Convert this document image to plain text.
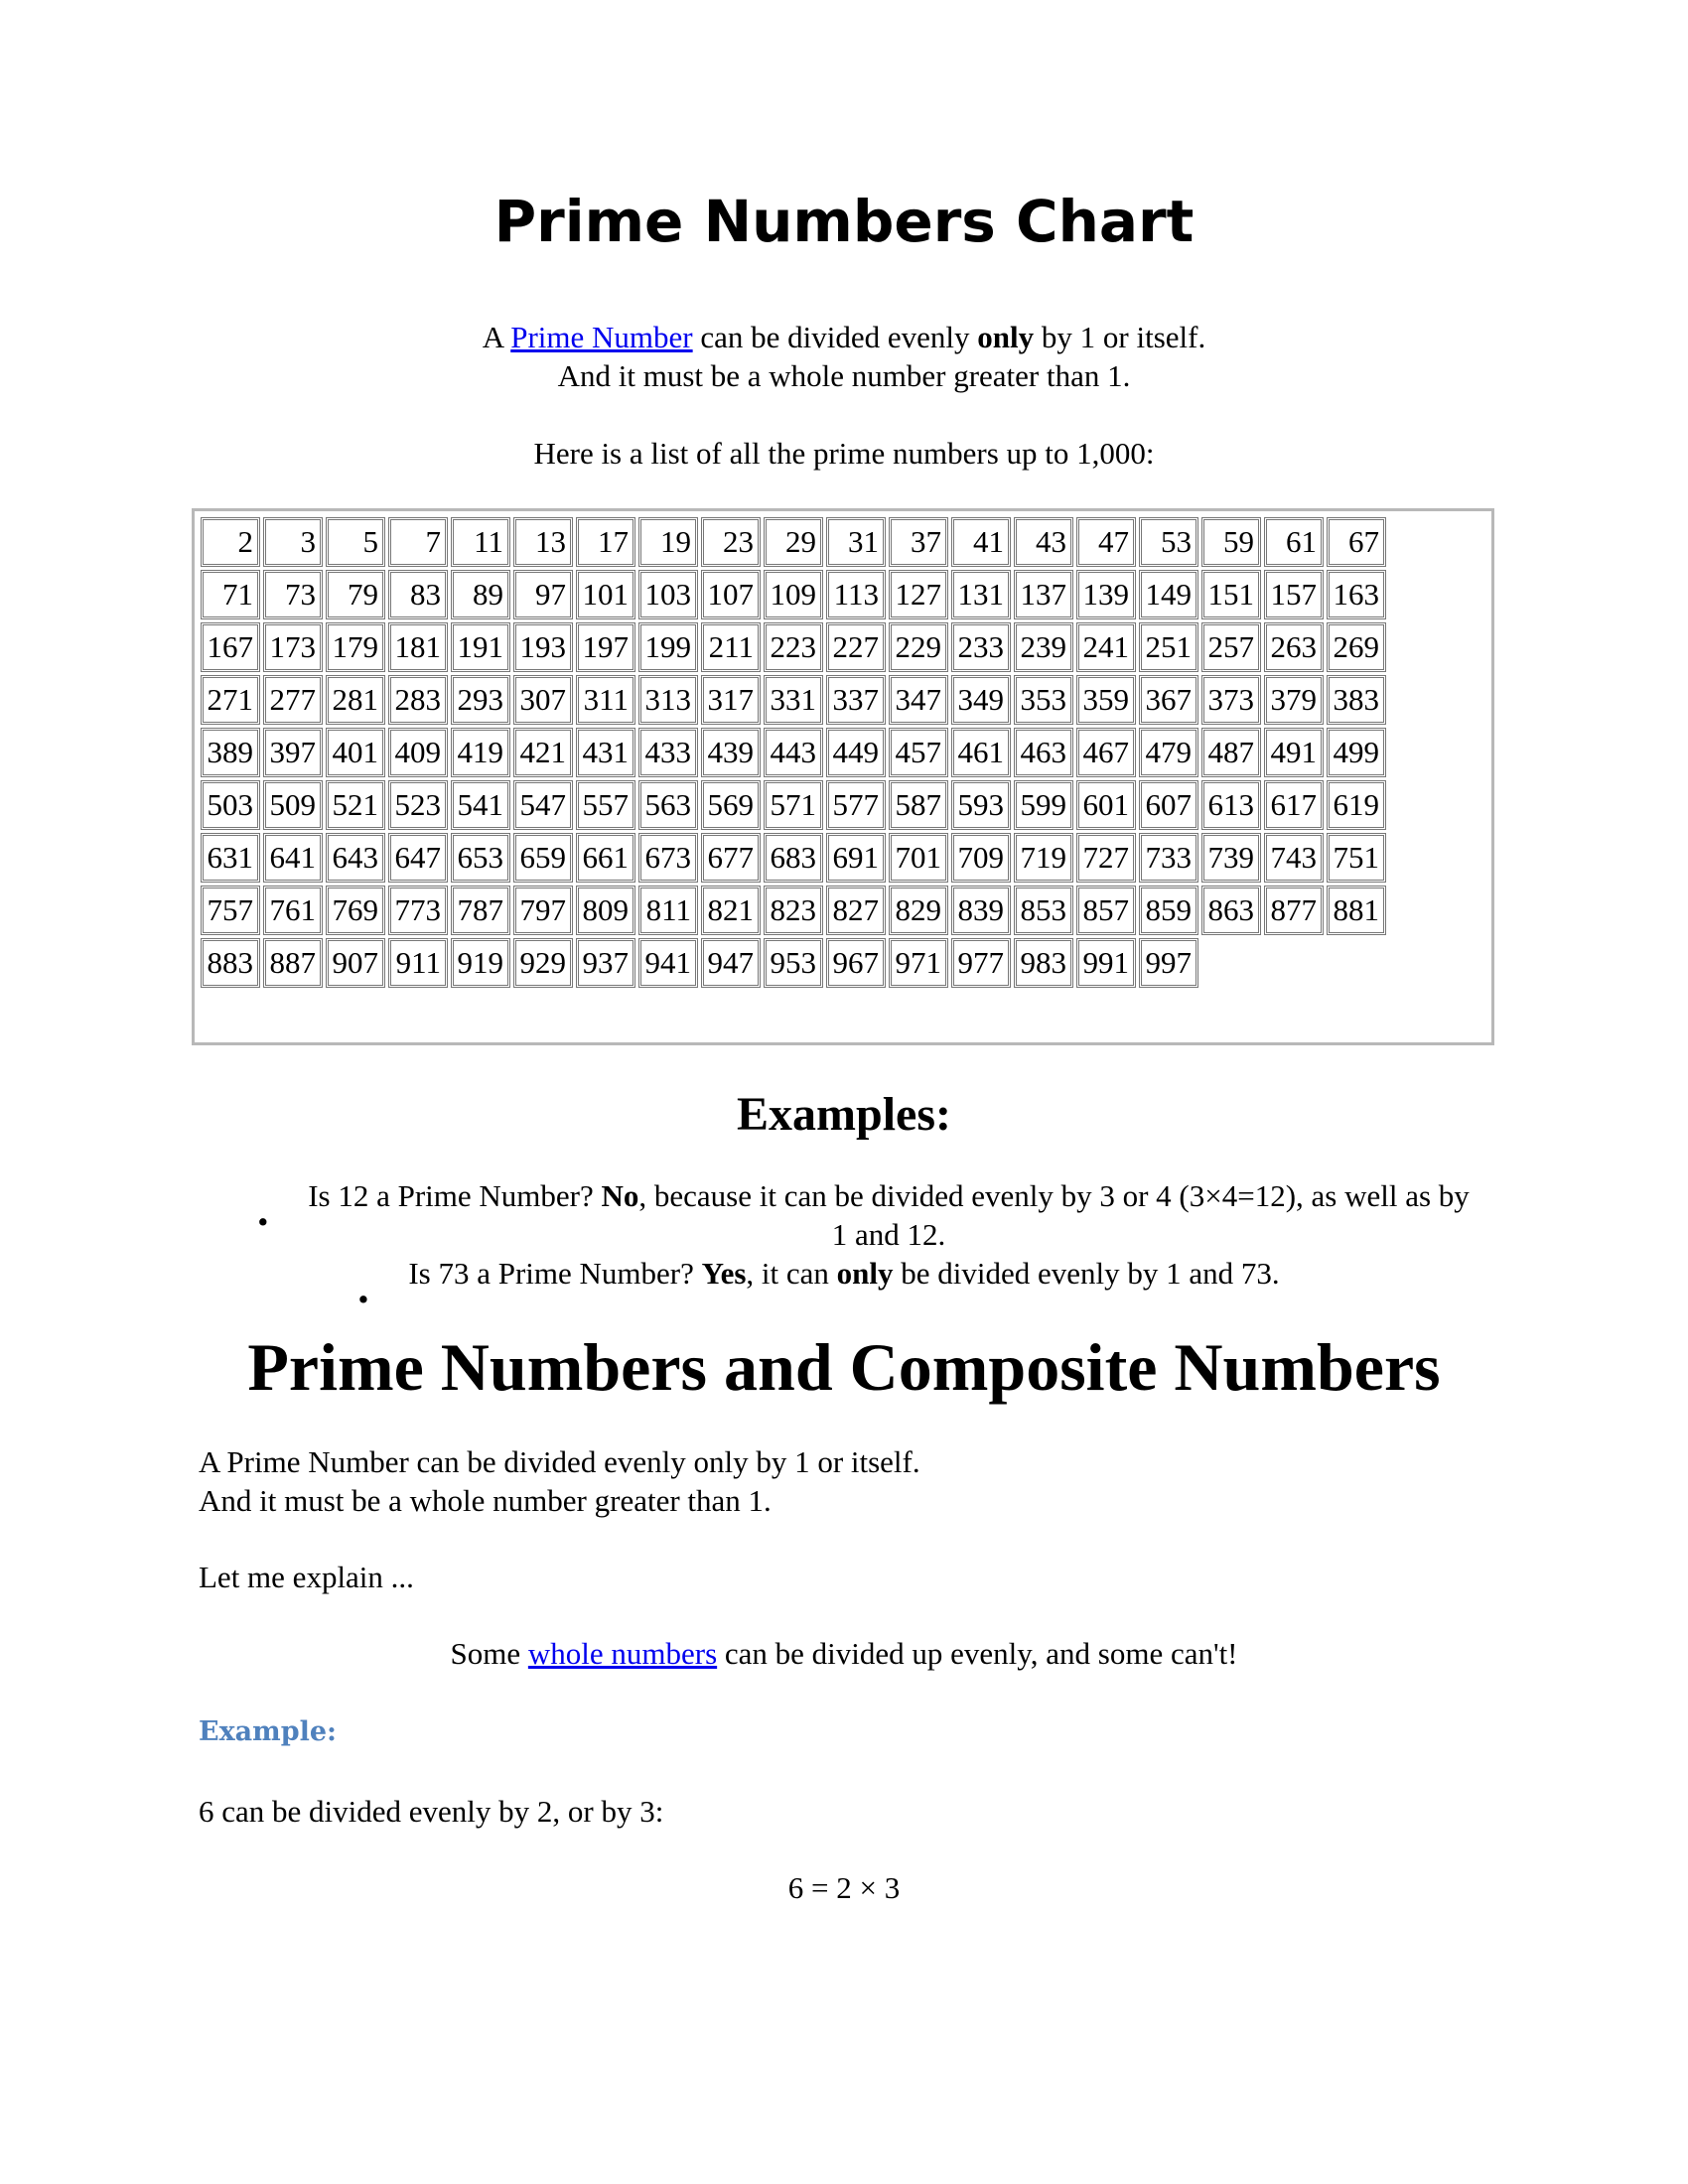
Prime Numbers Chart

A Prime Number can be divided evenly only by 1 or itself.
And it must be a whole number greater than 1.

Here is a list of all the prime numbers up to 1,000:

2	3	5	7	11	13	17	19	23	29	31	37	41	43	47	53	59	61	67
71	73	79	83	89	97	101	103	107	109	113	127	131	137	139	149	151	157	163
167	173	179	181	191	193	197	199	211	223	227	229	233	239	241	251	257	263	269
271	277	281	283	293	307	311	313	317	331	337	347	349	353	359	367	373	379	383
389	397	401	409	419	421	431	433	439	443	449	457	461	463	467	479	487	491	499
503	509	521	523	541	547	557	563	569	571	577	587	593	599	601	607	613	617	619
631	641	643	647	653	659	661	673	677	683	691	701	709	719	727	733	739	743	751
757	761	769	773	787	797	809	811	821	823	827	829	839	853	857	859	863	877	881
883	887	907	911	919	929	937	941	947	953	967	971	977	983	991	997			
Examples:
•
Is 12 a Prime Number? No, because it can be divided evenly by 3 or 4 (3×4=12), as well as by 1 and 12.
•
Is 73 a Prime Number? Yes, it can only be divided evenly by 1 and 73.
Prime Numbers and Composite Numbers

A Prime Number can be divided evenly only by 1 or itself.
And it must be a whole number greater than 1.

Let me explain ...

Some whole numbers can be divided up evenly, and some can't!

Example:

6 can be divided evenly by 2, or by 3:

6 = 2 × 3
